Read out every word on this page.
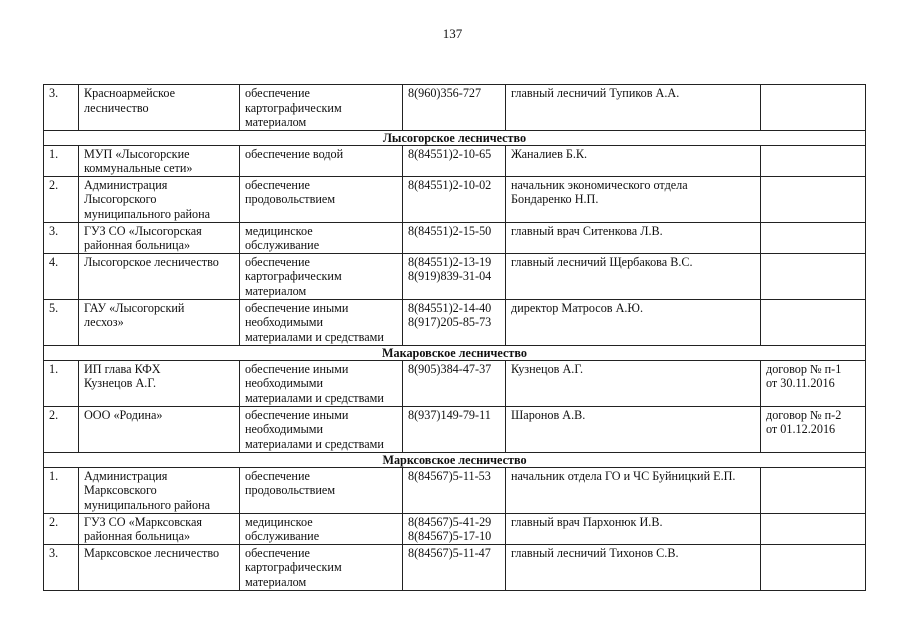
137
3.	Красноармейское
лесничество	обеспечение
картографическим
материалом	8(960)356-727	главный лесничий Тупиков А.А.	

Лысогорское лесничество					
1.	МУП «Лысогорские
коммунальные сети»	обеспечение водой	8(84551)2-10-65	Жаналиев Б.К.	

2.	Администрация
Лысогорского
муниципального района	обеспечение
продовольствием	8(84551)2-10-02	начальник экономического отдела
Бондаренко Н.П.	

3.	ГУЗ СО «Лысогорская
районная больница»	медицинское
обслуживание	8(84551)2-15-50	главный врач Ситенкова Л.В.	

4.	Лысогорское лесничество	обеспечение
картографическим
материалом	8(84551)2-13-19
8(919)839-31-04	главный лесничий Щербакова В.С.	

5.	ГАУ «Лысогорский
лесхоз»	обеспечение иными
необходимыми
материалами и средствами	8(84551)2-14-40
8(917)205-85-73	директор Матросов А.Ю.	

Макаровское лесничество					
1.	ИП глава КФХ
Кузнецов А.Г.	обеспечение иными
необходимыми
материалами и средствами	8(905)384-47-37	Кузнецов А.Г.	договор № п-1
от 30.11.2016

2.	ООО «Родина»	обеспечение иными
необходимыми
материалами и средствами	8(937)149-79-11	Шаронов А.В.	договор № п-2
от 01.12.2016

Марксовское лесничество					
1.	Администрация
Марксовского
муниципального района	обеспечение
продовольствием	8(84567)5-11-53	начальник отдела ГО и ЧС Буйницкий Е.П.	

2.	ГУЗ СО «Марксовская
районная больница»	медицинское
обслуживание	8(84567)5-41-29
8(84567)5-17-10	главный врач Пархонюк И.В.	

3.	Марксовское лесничество	обеспечение
картографическим
материалом	8(84567)5-11-47	главный лесничий Тихонов С.В.	
